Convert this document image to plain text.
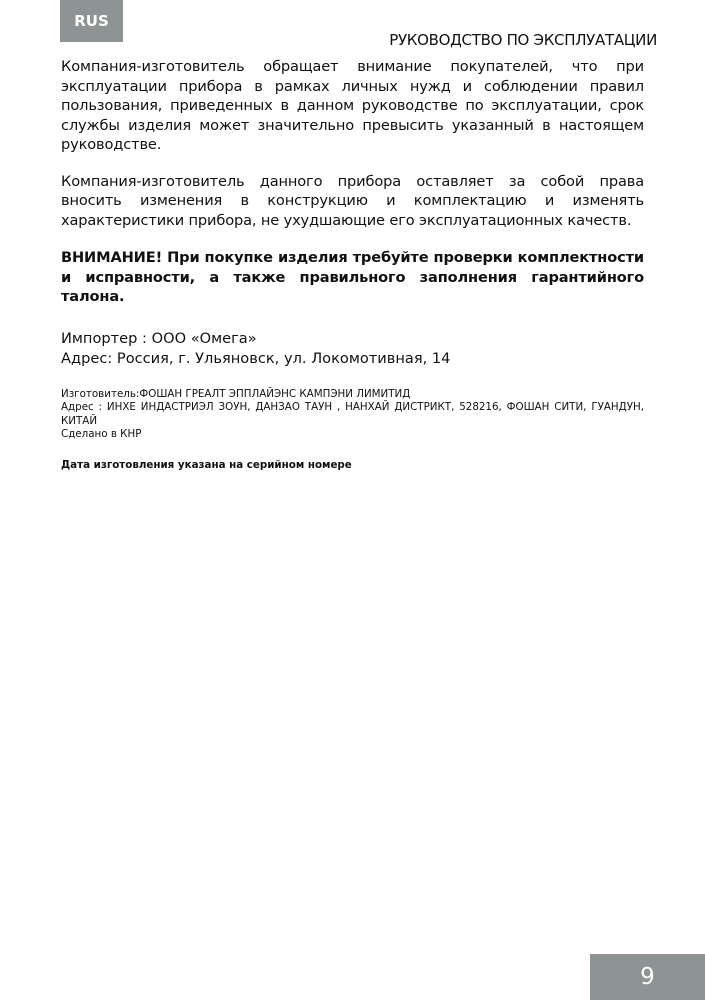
RUS
РУКОВОДСТВО ПО ЭКСПЛУАТАЦИИ

Компания-изготовитель обращает внимание покупателей, что при эксплуатации прибора в рамках личных нужд и соблюдении правил пользования, приведенных в данном руководстве по эксплуатации, срок службы изделия может значительно превысить указанный в настоящем руководстве.

Компания-изготовитель данного прибора оставляет за собой права вносить изменения в конструкцию и комплектацию и изменять характеристики прибора, не ухудшающие его эксплуатационных качеств.

ВНИМАНИЕ! При покупке изделия требуйте проверки комплектности и исправности, а также правильного заполнения гарантийного талона.
Импортер : ООО «Омега»
Адрес: Россия, г. Ульяновск, ул. Локомотивная, 14
Изготовитель:ФОШАН ГРЕАЛТ ЭППЛАЙЭНС КАМПЭНИ ЛИМИТИД
Адрес : ИНХЕ ИНДАСТРИЭЛ ЗОУН, ДАНЗАО ТАУН , НАНХАЙ ДИСТРИКТ, 528216, ФОШАН СИТИ, ГУАНДУН, КИТАЙ
Сделано в КНР
Дата изготовления указана на серийном номере
9
